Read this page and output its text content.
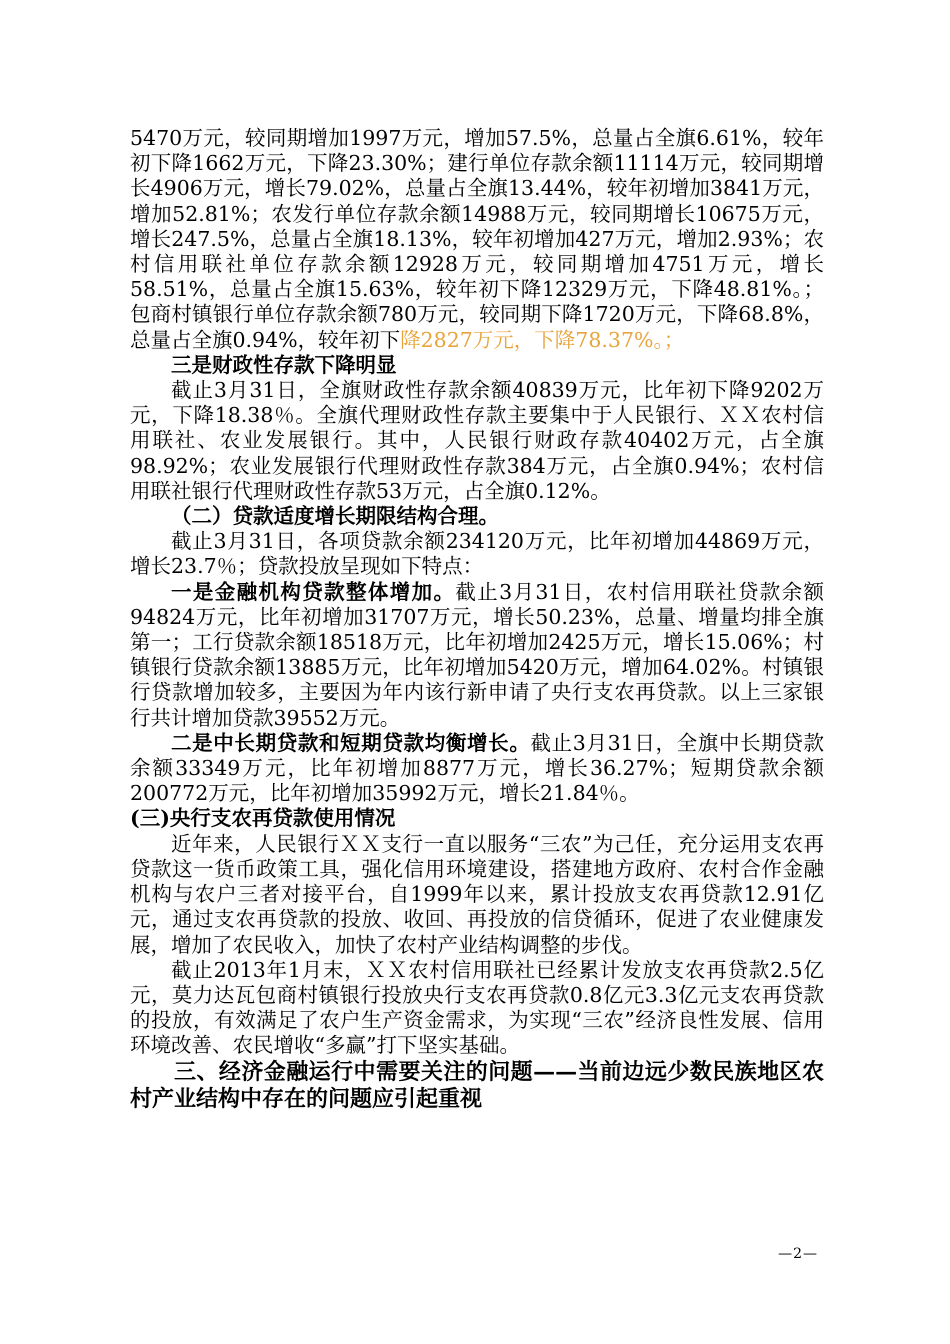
5470万元，较同期增加1997万元，增加57.5%，总量占全旗6.61%，较年初下降1662万元，下降23.30%；建行单位存款余额11114万元，较同期增长4906万元，增长79.02%，总量占全旗13.44%，较年初增加3841万元，增加52.81%；农发行单位存款余额14988万元，较同期增长10675万元，增长247.5%，总量占全旗18.13%，较年初增加427万元，增加2.93%；农村信用联社单位存款余额12928万元，较同期增加4751万元，增长58.51%，总量占全旗15.63%，较年初下降12329万元，下降48.81%。；包商村镇银行单位存款余额780万元，较同期下降1720万元，下降68.8%，总量占全旗0.94%，较年初下降2827万元，下降78.37%。；

三是财政性存款下降明显

截止3月31日，全旗财政性存款余额40839万元，比年初下降9202万元，下降18.38％。全旗代理财政性存款主要集中于人民银行、ＸＸ农村信用联社、农业发展银行。其中，人民银行财政存款40402万元，占全旗98.92%；农业发展银行代理财政性存款384万元，占全旗0.94%；农村信用联社银行代理财政性存款53万元，占全旗0.12%。

（二）贷款适度增长期限结构合理。

截止3月31日，各项贷款余额234120万元，比年初增加44869万元，增长23.7％；贷款投放呈现如下特点：

一是金融机构贷款整体增加。截止3月31日，农村信用联社贷款余额94824万元，比年初增加31707万元，增长50.23%，总量、增量均排全旗第一；工行贷款余额18518万元，比年初增加2425万元，增长15.06%；村镇银行贷款余额13885万元，比年初增加5420万元，增加64.02%。村镇银行贷款增加较多，主要因为年内该行新申请了央行支农再贷款。以上三家银行共计增加贷款39552万元。

二是中长期贷款和短期贷款均衡增长。截止3月31日，全旗中长期贷款余额33349万元，比年初增加8877万元，增长36.27%；短期贷款余额200772万元，比年初增加35992万元，增长21.84％。

(三)央行支农再贷款使用情况

近年来，人民银行ＸＸ支行一直以服务“三农”为己任，充分运用支农再贷款这一货币政策工具，强化信用环境建设，搭建地方政府、农村合作金融机构与农户三者对接平台，自1999年以来，累计投放支农再贷款12.91亿元，通过支农再贷款的投放、收回、再投放的信贷循环，促进了农业健康发展，增加了农民收入，加快了农村产业结构调整的步伐。

截止2013年1月末，ＸＸ农村信用联社已经累计发放支农再贷款2.5亿元，莫力达瓦包商村镇银行投放央行支农再贷款0.8亿元3.3亿元支农再贷款的投放，有效满足了农户生产资金需求，为实现“三农”经济良性发展、信用环境改善、农民增收“多赢”打下坚实基础。

三、经济金融运行中需要关注的问题——当前边远少数民族地区农村产业结构中存在的问题应引起重视

—2—
